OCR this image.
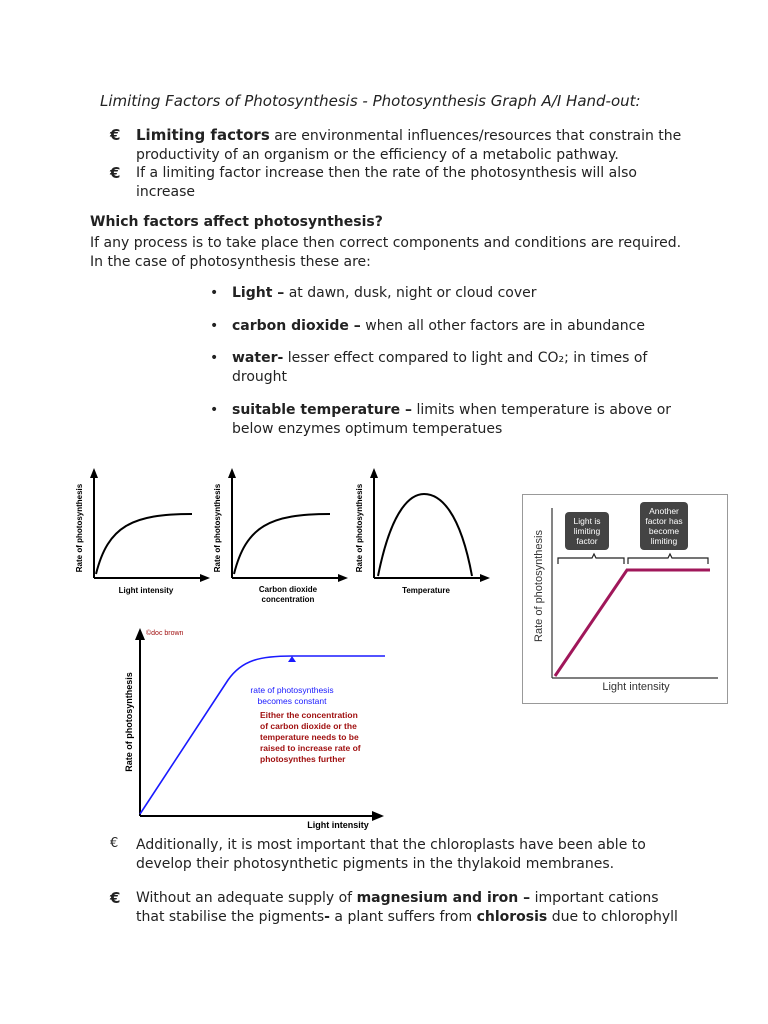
Limiting Factors of Photosynthesis - Photosynthesis Graph A/I Hand-out:
€ Limiting factors are environmental influences/resources that constrain the
productivity of an organism or the efficiency of a metabolic pathway.
€ If a limiting factor increase then the rate of the photosynthesis will also
increase
Which factors affect photosynthesis?
If any process is to take place then correct components and conditions are required.
In the case of photosynthesis these are:
• Light – at dawn, dusk, night or cloud cover
• carbon dioxide – when all other factors are in abundance
• water- lesser effect compared to light and CO₂; in times of
drought
• suitable temperature – limits when temperature is above or
below enzymes optimum temperatues
Rate of photosynthesis
Light intensity
Rate of photosynthesis
Carbon dioxide concentration
Rate of photosynthesis
Temperature
Light is
limiting
factor
Another
factor has
become
limiting
Rate of photosynthesis
Light intensity
©doc brown
Rate of photosynthesis
Light intensity
rate of photosynthesis
becomes constant
Either the concentration
of carbon dioxide or the
temperature needs to be
raised to increase rate of
photosynthes further
€ Additionally, it is most important that the chloroplasts have been able to
develop their photosynthetic pigments in the thylakoid membranes.
€ Without an adequate supply of magnesium and iron – important cations
that stabilise the pigments- a plant suffers from chlorosis due to chlorophyll
